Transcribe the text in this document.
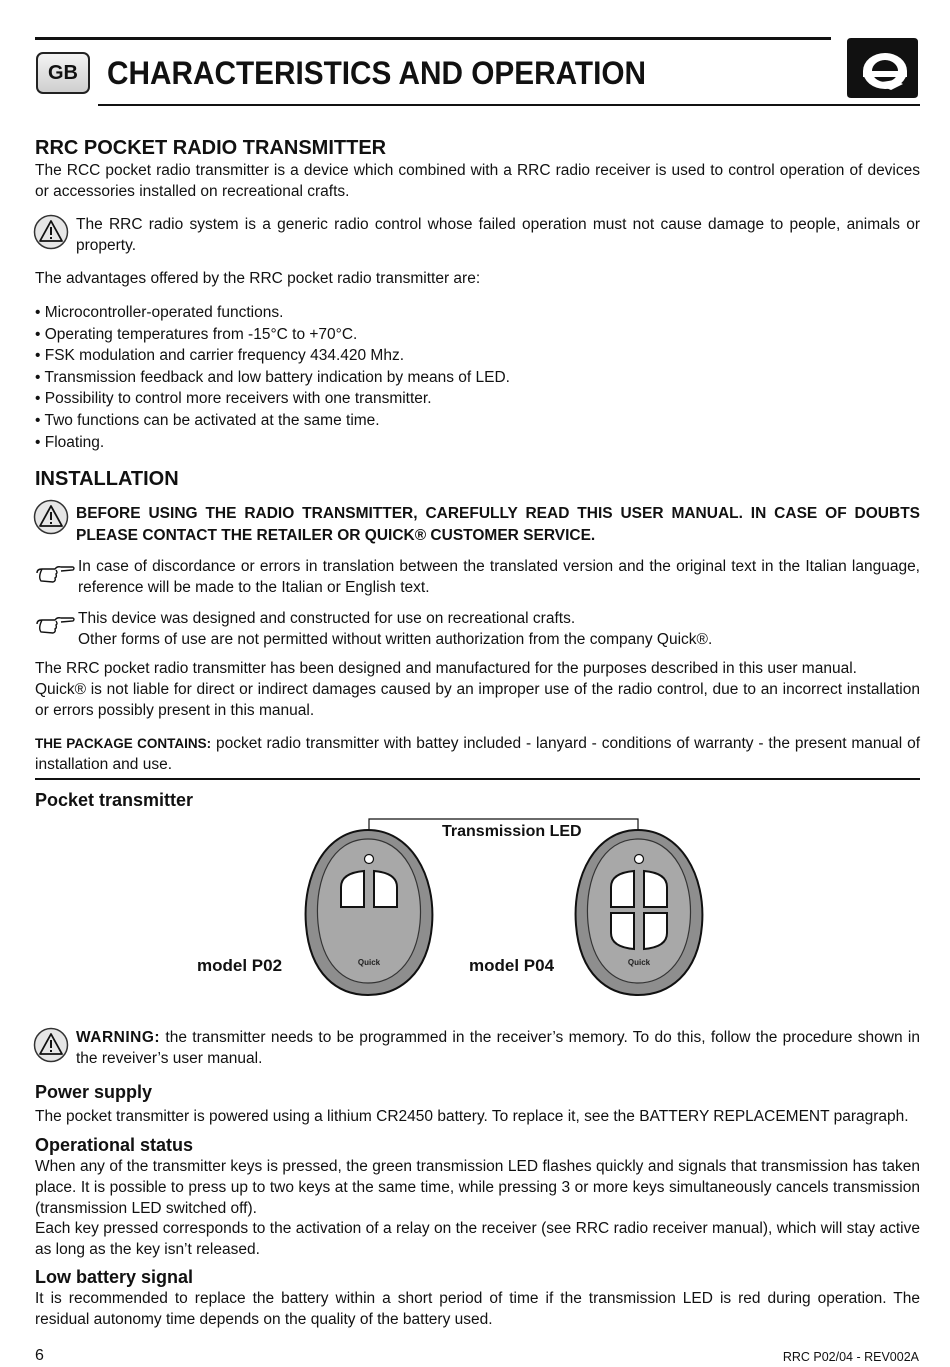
GB CHARACTERISTICS AND OPERATION
RRC POCKET RADIO TRANSMITTER
The RCC pocket radio transmitter is a device which combined with a RRC radio receiver is used to control operation of devices or accessories installed on recreational crafts.
The RRC radio system is a generic radio control whose failed operation must not cause damage to people, animals or property.
The advantages offered by the RRC pocket radio transmitter are:
• Microcontroller-operated functions.
• Operating temperatures from -15°C to +70°C.
• FSK modulation and carrier frequency 434.420 Mhz.
• Transmission feedback and low battery indication by means of LED.
• Possibility to control more receivers with one transmitter.
• Two functions can be activated at the same time.
• Floating.
INSTALLATION
BEFORE USING THE RADIO TRANSMITTER, CAREFULLY READ THIS USER MANUAL. IN CASE OF DOUBTS PLEASE CONTACT THE RETAILER OR QUICK® CUSTOMER SERVICE.
In case of discordance or errors in translation between the translated version and the original text in the Italian language, reference will be made to the Italian or English text.
This device was designed and constructed for use on recreational crafts.
Other forms of use are not permitted without written authorization from the company Quick®.
The RRC pocket radio transmitter has been designed and manufactured for the purposes described in this user manual.
Quick® is not liable for direct or indirect damages caused by an improper use of the radio control, due to an incorrect installation or errors possibly present in this manual.
THE PACKAGE CONTAINS: pocket radio transmitter with battey included - lanyard - conditions of warranty - the present manual of installation and use.
Pocket transmitter
Transmission LED
model P02	model P04
Quick	Quick
WARNING: the transmitter needs to be programmed in the receiver’s memory. To do this, follow the procedure shown in the reveiver’s user manual.
Power supply
The pocket transmitter is powered using a lithium CR2450 battery. To replace it, see the BATTERY REPLACEMENT paragraph.
Operational status
When any of the transmitter keys is pressed, the green transmission LED flashes quickly and signals that transmission has taken place. It is possible to press up to two keys at the same time, while pressing 3 or more keys simultaneously cancels transmission (transmission LED switched off).
Each key pressed corresponds to the activation of a relay on the receiver (see RRC radio receiver manual), which will stay active as long as the key isn’t released.
Low battery signal
It is recommended to replace the battery within a short period of time if the transmission LED is red during operation. The residual autonomy time depends on the quality of the battery used.
6	RRC P02/04 - REV002A
